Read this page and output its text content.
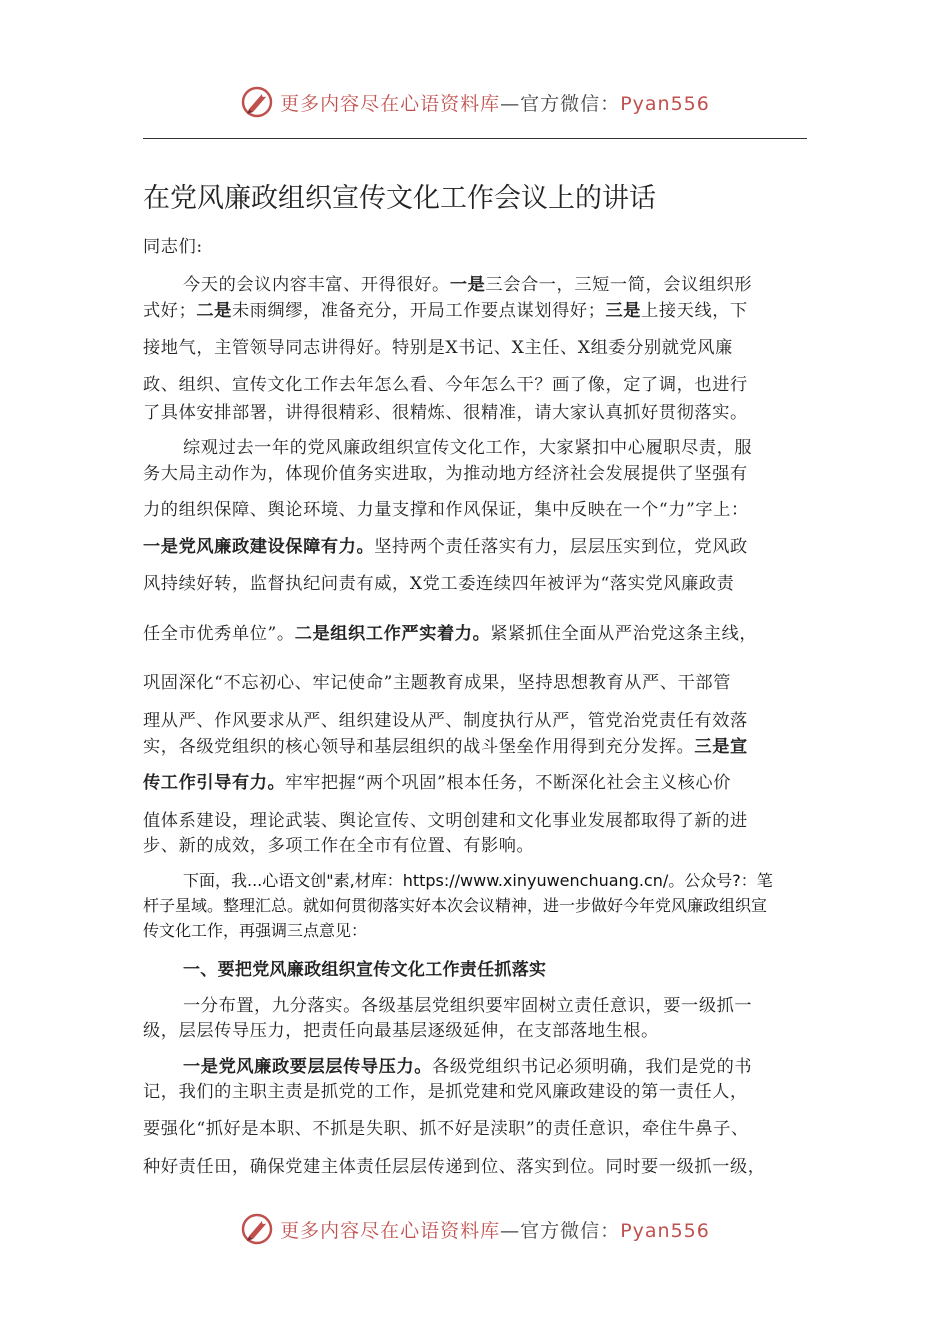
更多内容尽在心语资料库—官方微信：Pyan556
在党风廉政组织宣传文化工作会议上的讲话
同志们:
今天的会议内容丰富、开得很好。一是三会合一，三短一简，会议组织形
式好；二是未雨绸缪，准备充分，开局工作要点谋划得好；三是上接天线，下
接地气，主管领导同志讲得好。特别是X书记、X主任、X组委分别就党风廉
政、组织、宣传文化工作去年怎么看、今年怎么干？画了像，定了调，也进行
了具体安排部署，讲得很精彩、很精炼、很精准，请大家认真抓好贯彻落实。
综观过去一年的党风廉政组织宣传文化工作，大家紧扣中心履职尽责，服
务大局主动作为，体现价值务实进取，为推动地方经济社会发展提供了坚强有
力的组织保障、舆论环境、力量支撑和作风保证，集中反映在一个“力”字上：
一是党风廉政建设保障有力。坚持两个责任落实有力，层层压实到位，党风政
风持续好转，监督执纪问责有威，X党工委连续四年被评为“落实党风廉政责
任全市优秀单位”。二是组织工作严实着力。紧紧抓住全面从严治党这条主线，
巩固深化“不忘初心、牢记使命”主题教育成果，坚持思想教育从严、干部管
理从严、作风要求从严、组织建设从严、制度执行从严，管党治党责任有效落
实，各级党组织的核心领导和基层组织的战斗堡垒作用得到充分发挥。三是宣
传工作引导有力。牢牢把握“两个巩固”根本任务，不断深化社会主义核心价
值体系建设，理论武装、舆论宣传、文明创建和文化事业发展都取得了新的进
步、新的成效，多项工作在全市有位置、有影响。
下面，我...心语文创"素,材库：https://www.xinyuwenchuang.cn/。公众号?：笔
杆子星域。整理汇总。就如何贯彻落实好本次会议精神，进一步做好今年党风廉政组织宣
传文化工作，再强调三点意见：
一、要把党风廉政组织宣传文化工作责任抓落实
一分布置，九分落实。各级基层党组织要牢固树立责任意识，要一级抓一
级，层层传导压力，把责任向最基层逐级延伸，在支部落地生根。
一是党风廉政要层层传导压力。各级党组织书记必须明确，我们是党的书
记，我们的主职主责是抓党的工作，是抓党建和党风廉政建设的第一责任人，
要强化“抓好是本职、不抓是失职、抓不好是渎职”的责任意识，牵住牛鼻子、
种好责任田，确保党建主体责任层层传递到位、落实到位。同时要一级抓一级，
更多内容尽在心语资料库—官方微信：Pyan556
